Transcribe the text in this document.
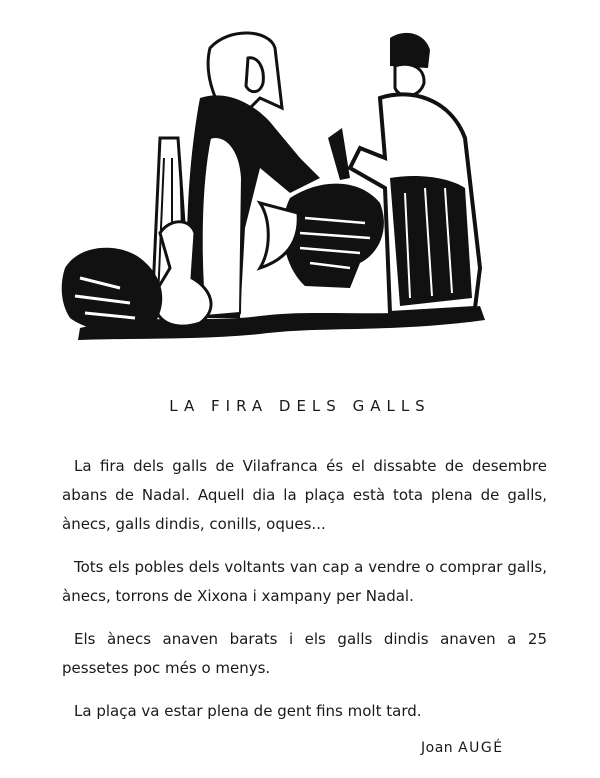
LA FIRA DELS GALLS

La fira dels galls de Vilafranca és el dissabte de desembre abans de Nadal. Aquell dia la plaça està tota plena de galls, ànecs, galls dindis, conills, oques...

Tots els pobles dels voltants van cap a vendre o comprar galls, ànecs, torrons de Xixona i xampany per Nadal.

Els ànecs anaven barats i els galls dindis anaven a 25 pessetes poc més o menys.

La plaça va estar plena de gent fins molt tard.

Joan AUGÉ
